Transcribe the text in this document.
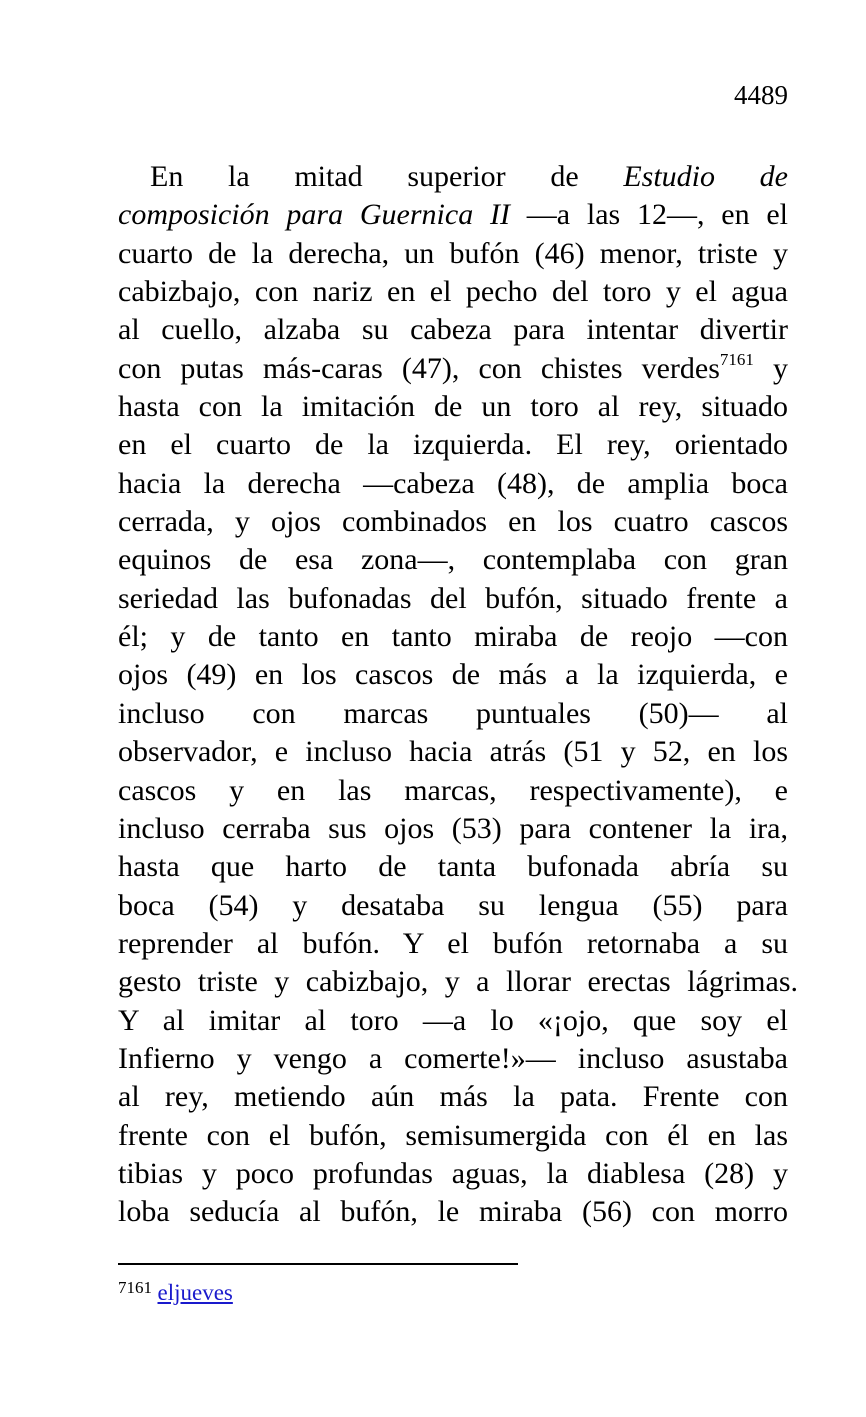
4489
En la mitad superior de Estudio de
composición para Guernica II —a las 12—, en el
cuarto de la derecha, un bufón (46) menor, triste y
cabizbajo, con nariz en el pecho del toro y el agua
al cuello, alzaba su cabeza para intentar divertir
con putas más-caras (47), con chistes verdes$^{7161}$ y
hasta con la imitación de un toro al rey, situado
en el cuarto de la izquierda. El rey, orientado
hacia la derecha —cabeza (48), de amplia boca
cerrada, y ojos combinados en los cuatro cascos
equinos de esa zona—, contemplaba con gran
seriedad las bufonadas del bufón, situado frente a
él; y de tanto en tanto miraba de reojo —con
ojos (49) en los cascos de más a la izquierda, e
incluso con marcas puntuales (50)— al
observador, e incluso hacia atrás (51 y 52, en los
cascos y en las marcas, respectivamente), e
incluso cerraba sus ojos (53) para contener la ira,
hasta que harto de tanta bufonada abría su
boca (54) y desataba su lengua (55) para
reprender al bufón. Y el bufón retornaba a su
gesto triste y cabizbajo, y a llorar erectas lágrimas.
Y al imitar al toro —a lo «¡ojo, que soy el
Infierno y vengo a comerte!»— incluso asustaba
al rey, metiendo aún más la pata. Frente con
frente con el bufón, semisumergida con él en las
tibias y poco profundas aguas, la diablesa (28) y
loba seducía al bufón, le miraba (56) con morro
$^{7161}$ eljueves
